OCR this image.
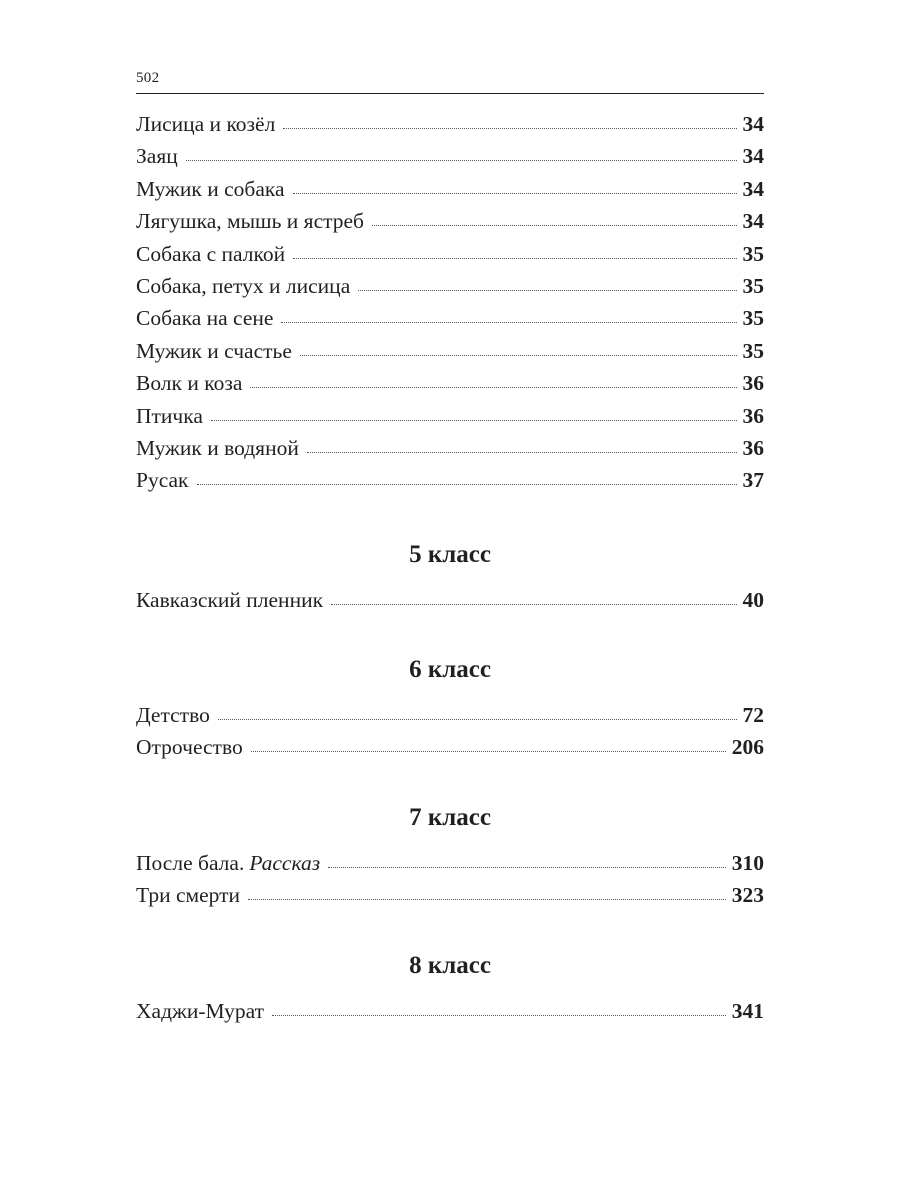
502
Лисица и козёл	34
Заяц	34
Мужик и собака	34
Лягушка, мышь и ястреб	34
Собака с палкой	35
Собака, петух и лисица	35
Собака на сене	35
Мужик и счастье	35
Волк и коза	36
Птичка	36
Мужик и водяной	36
Русак	37
5 класс
Кавказский пленник	40
6 класс
Детство	72
Отрочество	206
7 класс
После бала. Рассказ	310
Три смерти	323
8 класс
Хаджи-Мурат	341
